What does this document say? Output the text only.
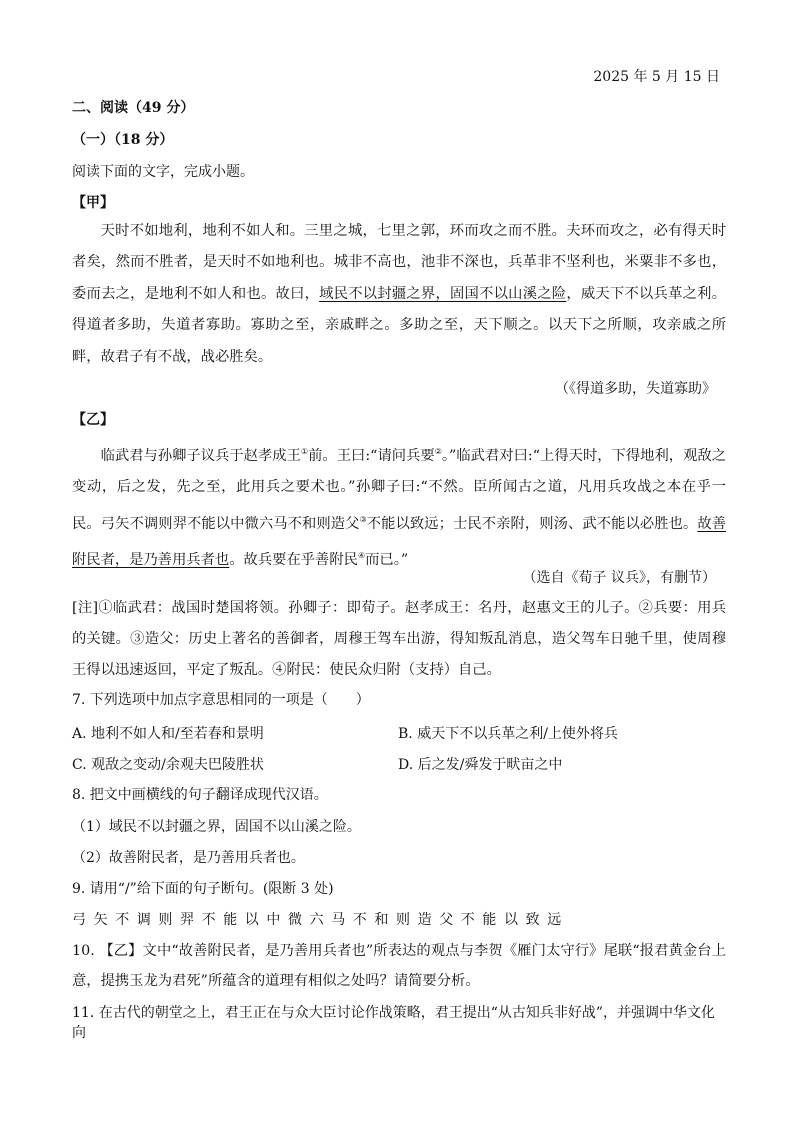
2025 年 5 月 15 日
二、阅读（49 分）
（一）（18 分）
阅读下面的文字，完成小题。
【甲】
天时不如地利，地利不如人和。三里之城，七里之郭，环而攻之而不胜。夫环而攻之，必有得天时者矣，然而不胜者，是天时不如地利也。城非不高也，池非不深也，兵革非不坚利也，米粟非不多也，委而去之，是地利不如人和也。故曰，域民不以封疆之界，固国不以山溪之险，威天下不以兵革之利。得道者多助，失道者寡助。寡助之至，亲戚畔之。多助之至，天下顺之。以天下之所顺，攻亲戚之所畔，故君子有不战，战必胜矣。
（《得道多助，失道寡助》
【乙】
临武君与孙卿子议兵于赵孝成王①前。王曰:“请问兵要②。”临武君对曰:“上得天时，下得地利，观敌之变动，后之发，先之至，此用兵之要术也。”孙卿子曰:“不然。臣所闻古之道，凡用兵攻战之本在乎一民。弓矢不调则羿不能以中微六马不和则造父③不能以致远；士民不亲附，则汤、武不能以必胜也。故善附民者，是乃善用兵者也。故兵要在乎善附民④而已。”
（选自《荀子 议兵》，有删节）
[注]①临武君：战国时楚国将领。孙卿子：即荀子。赵孝成王：名丹，赵惠文王的儿子。②兵要：用兵的关键。③造父：历史上著名的善御者，周穆王驾车出游，得知叛乱消息，造父驾车日驰千里，使周穆王得以迅速返回，平定了叛乱。④附民：使民众归附（支持）自己。
7. 下列选项中加点字意思相同的一项是（　　）
A. 地利不如人和/至若春和景明	B. 威天下不以兵革之利/上使外将兵
C. 观敌之变动/余观夫巴陵胜状	D. 后之发/舜发于畎亩之中
8. 把文中画横线的句子翻译成现代汉语。
（1）域民不以封疆之界，固国不以山溪之险。
（2）故善附民者，是乃善用兵者也。
9. 请用“/”给下面的句子断句。(限断 3 处)
弓矢不调则羿不能以中微六马不和则造父不能以致远
10. 【乙】文中“故善附民者，是乃善用兵者也”所表达的观点与李贺《雁门太守行》尾联“报君黄金台上意，提携玉龙为君死”所蕴含的道理有相似之处吗？请简要分析。
11. 在古代的朝堂之上，君王正在与众大臣讨论作战策略，君王提出“从古知兵非好战”，并强调中华文化向
